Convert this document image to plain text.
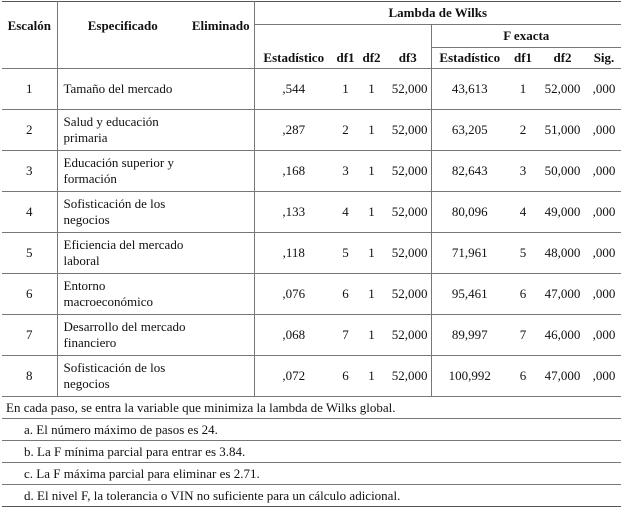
Escalón	Especificado	Eliminado	Lambda de Wilks							
			Estadístico	df1	df2	df3	F exacta			
							Estadístico	df1	df2	Sig.
1	Tamaño del mercado		,544	1	1	52,000	43,613	1	52,000	,000
2	Salud y educación primaria		,287	2	1	52,000	63,205	2	51,000	,000
3	Educación superior y formación		,168	3	1	52,000	82,643	3	50,000	,000
4	Sofisticación de los negocios		,133	4	1	52,000	80,096	4	49,000	,000
5	Eficiencia del mercado laboral		,118	5	1	52,000	71,961	5	48,000	,000
6	Entorno macroeconómico		,076	6	1	52,000	95,461	6	47,000	,000
7	Desarrollo del mercado financiero		,068	7	1	52,000	89,997	7	46,000	,000
8	Sofisticación de los negocios		,072	6	1	52,000	100,992	6	47,000	,000
En cada paso, se entra la variable que minimiza la lambda de Wilks global.										
a. El número máximo de pasos es 24.										
b. La F mínima parcial para entrar es 3.84.										
c. La F máxima parcial para eliminar es 2.71.										
d. El nivel F, la tolerancia o VIN no suficiente para un cálculo adicional.										
